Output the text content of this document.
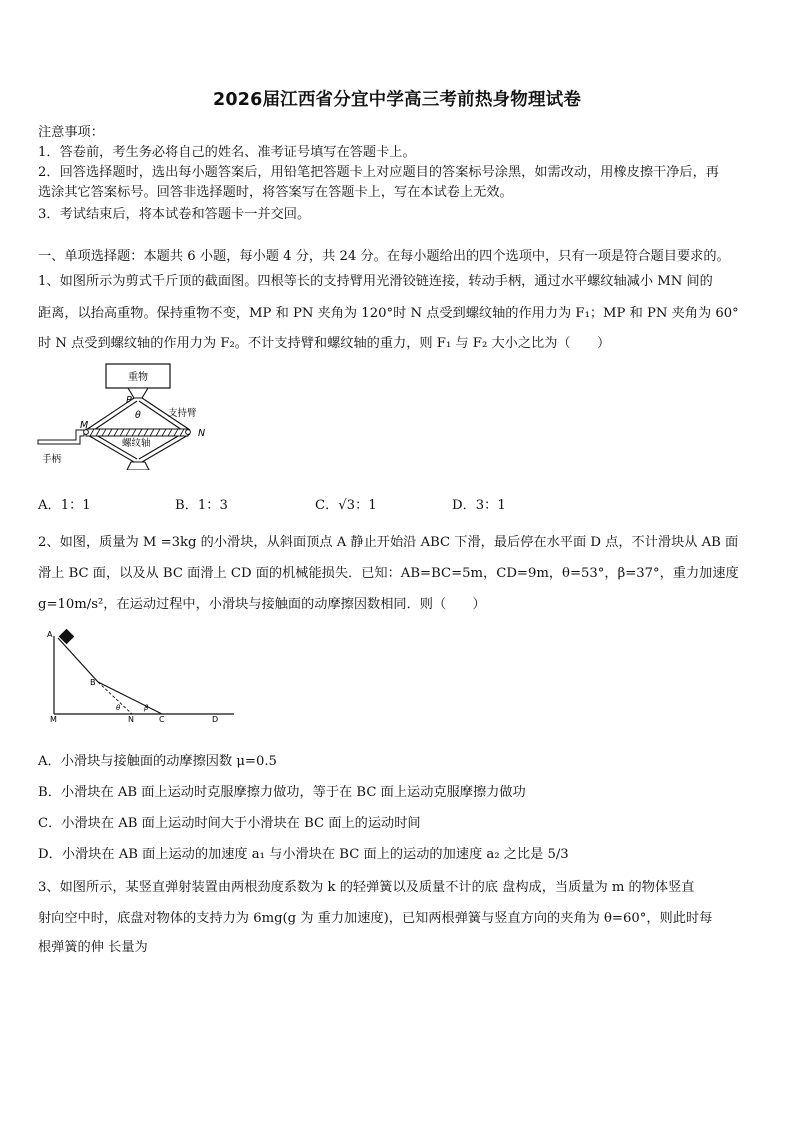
2026届江西省分宜中学高三考前热身物理试卷
注意事项：
1．答卷前，考生务必将自己的姓名、准考证号填写在答题卡上。
2．回答选择题时，选出每小题答案后，用铅笔把答题卡上对应题目的答案标号涂黑，如需改动，用橡皮擦干净后，再
选涂其它答案标号。回答非选择题时，将答案写在答题卡上，写在本试卷上无效。
3．考试结束后，将本试卷和答题卡一并交回。
一、单项选择题：本题共 6 小题，每小题 4 分，共 24 分。在每小题给出的四个选项中，只有一项是符合题目要求的。
1、如图所示为剪式千斤顶的截面图。四根等长的支持臂用光滑铰链连接，转动手柄，通过水平螺纹轴减小 MN 间的
距离，以抬高重物。保持重物不变，MP 和 PN 夹角为 120°时 N 点受到螺纹轴的作用力为 F₁；MP 和 PN 夹角为 60°
时 N 点受到螺纹轴的作用力为 F₂。不计支持臂和螺纹轴的重力，则 F₁ 与 F₂ 大小之比为（　　）
重物
P
θ	支持臂
M
N
螺纹轴
手柄
A．1：1	B．1：3	C．√3：1	D．3：1
2、如图，质量为 M =3kg 的小滑块，从斜面顶点 A 静止开始沿 ABC 下滑，最后停在水平面 D 点，不计滑块从 AB 面
滑上 BC 面，以及从 BC 面滑上 CD 面的机械能损失．已知：AB=BC=5m，CD=9m，θ=53°，β=37°，重力加速度
g=10m/s²，在运动过程中，小滑块与接触面的动摩擦因数相同．则（　　）
A
B
M	N	C	D
θ	β
A．小滑块与接触面的动摩擦因数 μ=0.5
B．小滑块在 AB 面上运动时克服摩擦力做功，等于在 BC 面上运动克服摩擦力做功
C．小滑块在 AB 面上运动时间大于小滑块在 BC 面上的运动时间
D．小滑块在 AB 面上运动的加速度 a₁ 与小滑块在 BC 面上的运动的加速度 a₂ 之比是 5/3
3、如图所示，某竖直弹射装置由两根劲度系数为 k 的轻弹簧以及质量不计的底 盘构成，当质量为 m 的物体竖直
射向空中时，底盘对物体的支持力为 6mg(g 为 重力加速度)，已知两根弹簧与竖直方向的夹角为 θ=60°，则此时每
根弹簧的伸 长量为
